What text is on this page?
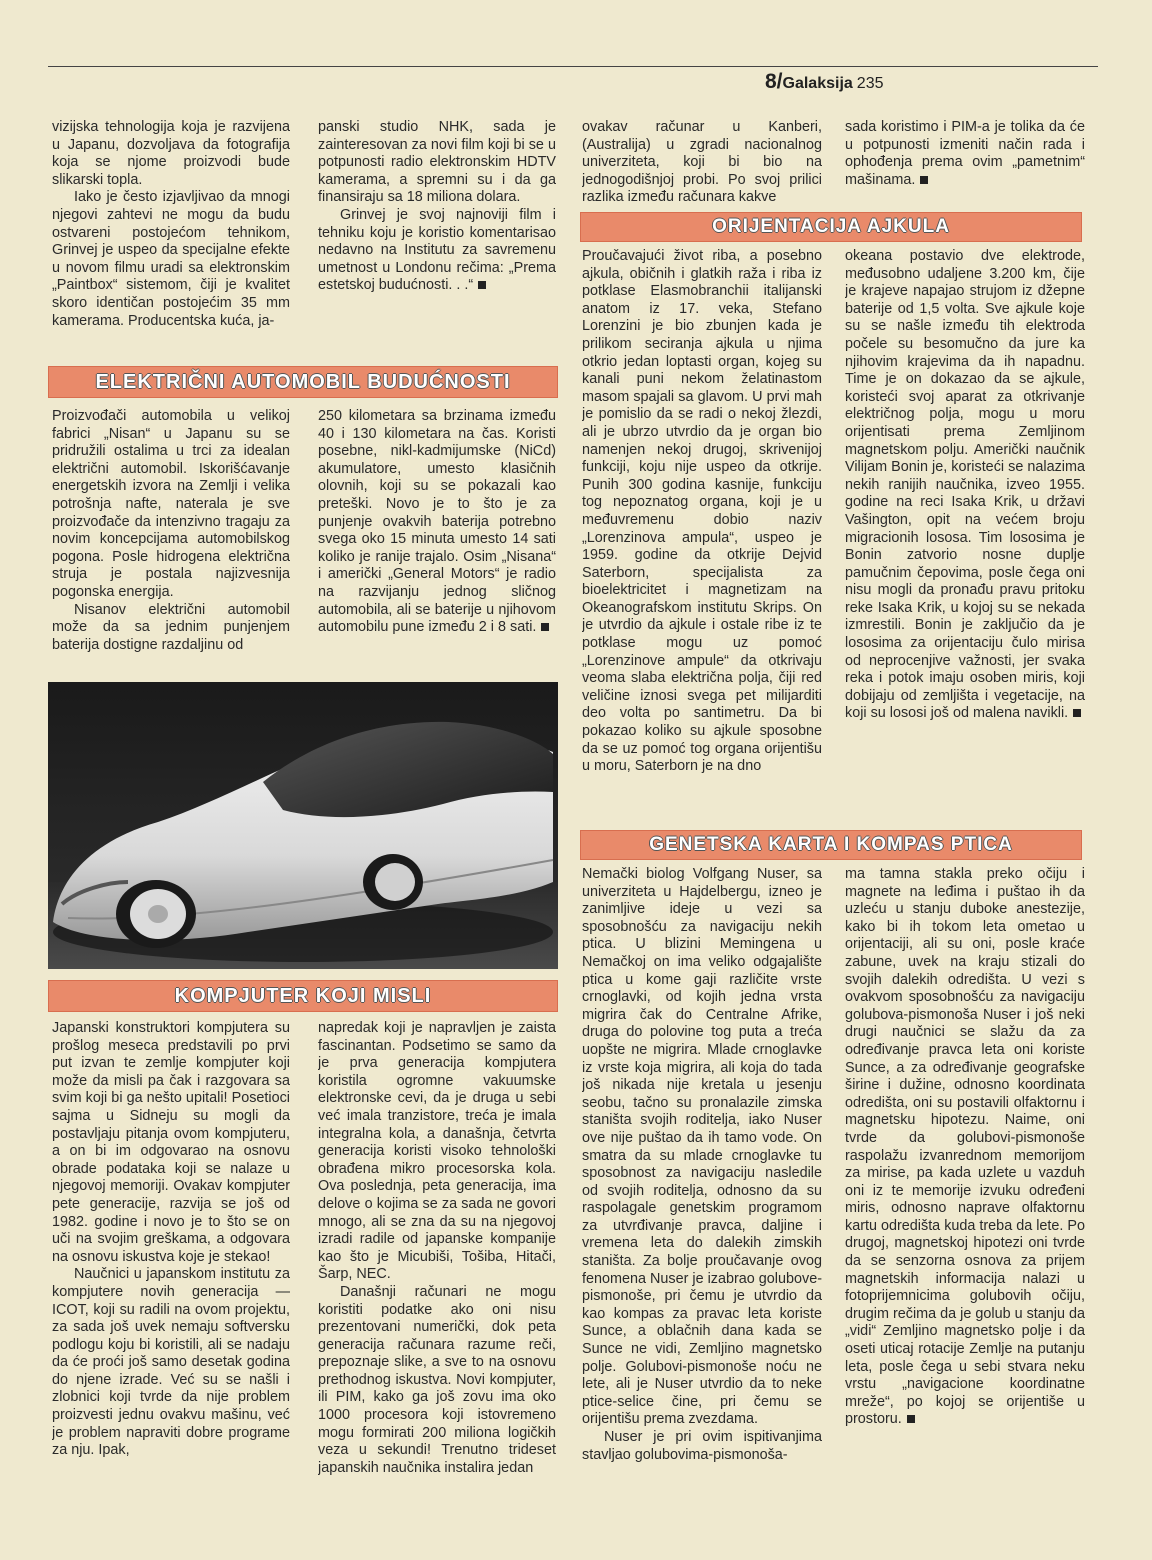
8/Galaksija 235

vizijska tehnologija koja je razvijena u Japanu, dozvoljava da fotografija koja se njome proizvodi bude slikarski topla.

Iako je često izjavljivao da mnogi njegovi zahtevi ne mogu da budu ostvareni postojećom tehnikom, Grinvej je uspeo da specijalne efekte u novom filmu uradi sa elektronskim „Paintbox“ sistemom, čiji je kvalitet skoro identičan postojećim 35 mm kamerama. Producentska kuća, ja-

panski studio NHK, sada je zainteresovan za novi film koji bi se u potpunosti radio elektronskim HDTV kamerama, a spremni su i da ga finansiraju sa 18 miliona dolara.

Grinvej je svoj najnoviji film i tehniku koju je koristio komentarisao nedavno na Institutu za savremenu umetnost u Londonu rečima: „Prema estetskoj budućnosti. . .“

ELEKTRIČNI AUTOMOBIL BUDUĆNOSTI

Proizvođači automobila u velikoj fabrici „Nisan“ u Japanu su se pridružili ostalima u trci za idealan električni automobil. Iskorišćavanje energetskih izvora na Zemlji i velika potrošnja nafte, naterala je sve proizvođače da intenzivno tragaju za novim koncepcijama automobilskog pogona. Posle hidrogena električna struja je postala najizvesnija pogonska energija.

Nisanov električni automobil može da sa jednim punjenjem baterija dostigne razdaljinu od

250 kilometara sa brzinama između 40 i 130 kilometara na čas. Koristi posebne, nikl-kadmijumske (NiCd) akumulatore, umesto klasičnih olovnih, koji su se pokazali kao preteški. Novo je to što je za punjenje ovakvih baterija potrebno svega oko 15 minuta umesto 14 sati koliko je ranije trajalo. Osim „Nisana“ i američki „General Motors“ je radio na razvijanju jednog sličnog automobila, ali se baterije u njihovom automobilu pune između 2 i 8 sati.

KOMPJUTER KOJI MISLI

Japanski konstruktori kompjutera su prošlog meseca predstavili po prvi put izvan te zemlje kompjuter koji može da misli pa čak i razgovara sa svim koji bi ga nešto upitali! Posetioci sajma u Sidneju su mogli da postavljaju pitanja ovom kompjuteru, a on bi im odgovarao na osnovu obrade podataka koji se nalaze u njegovoj memoriji. Ovakav kompjuter pete generacije, razvija se još od 1982. godine i novo je to što se on uči na svojim greškama, a odgovara na osnovu iskustva koje je stekao!

Naučnici u japanskom institutu za kompjutere novih generacija — ICOT, koji su radili na ovom projektu, za sada još uvek nemaju softversku podlogu koju bi koristili, ali se nadaju da će proći još samo desetak godina do njene izrade. Već su se našli i zlobnici koji tvrde da nije problem proizvesti jednu ovakvu mašinu, već je problem napraviti dobre programe za nju. Ipak,

napredak koji je napravljen je zaista fascinantan. Podsetimo se samo da je prva generacija kompjutera koristila ogromne vakuumske elektronske cevi, da je druga u sebi već imala tranzistore, treća je imala integralna kola, a današnja, četvrta generacija koristi visoko tehnološki obrađena mikro procesorska kola. Ova poslednja, peta generacija, ima delove o kojima se za sada ne govori mnogo, ali se zna da su na njegovoj izradi radile od japanske kompanije kao što je Micubiši, Tošiba, Hitači, Šarp, NEC.

Današnji računari ne mogu koristiti podatke ako oni nisu prezentovani numerički, dok peta generacija računara razume reči, prepoznaje slike, a sve to na osnovu prethodnog iskustva. Novi kompjuter, ili PIM, kako ga još zovu ima oko 1000 procesora koji istovremeno mogu formirati 200 miliona logičkih veza u sekundi! Trenutno trideset japanskih naučnika instalira jedan

ovakav računar u Kanberi, (Australija) u zgradi nacionalnog univerziteta, koji bi bio na jednogodišnjoj probi. Po svoj prilici razlika između računara kakve

sada koristimo i PIM-a je tolika da će u potpunosti izmeniti način rada i ophođenja prema ovim „pametnim“ mašinama.

ORIJENTACIJA AJKULA

Proučavajući život riba, a posebno ajkula, običnih i glatkih raža i riba iz potklase Elasmobranchii italijanski anatom iz 17. veka, Stefano Lorenzini je bio zbunjen kada je prilikom seciranja ajkula u njima otkrio jedan loptasti organ, kojeg su kanali puni nekom želatinastom masom spajali sa glavom. U prvi mah je pomislio da se radi o nekoj žlezdi, ali je ubrzo utvrdio da je organ bio namenjen nekoj drugoj, skrivenijoj funkciji, koju nije uspeo da otkrije. Punih 300 godina kasnije, funkciju tog nepoznatog organa, koji je u međuvremenu dobio naziv „Lorenzinova ampula“, uspeo je 1959. godine da otkrije Dejvid Saterborn, specijalista za bioelektricitet i magnetizam na Okeanografskom institutu Skrips. On je utvrdio da ajkule i ostale ribe iz te potklase mogu uz pomoć „Lorenzinove ampule“ da otkrivaju veoma slaba električna polja, čiji red veličine iznosi svega pet milijarditi deo volta po santimetru. Da bi pokazao koliko su ajkule sposobne da se uz pomoć tog organa orijentišu u moru, Saterborn je na dno

okeana postavio dve elektrode, međusobno udaljene 3.200 km, čije je krajeve napajao strujom iz džepne baterije od 1,5 volta. Sve ajkule koje su se našle između tih elektroda počele su besomučno da jure ka njihovim krajevima da ih napadnu. Time je on dokazao da se ajkule, koristeći svoj aparat za otkrivanje električnog polja, mogu u moru orijentisati prema Zemljinom magnetskom polju. Američki naučnik Vilijam Bonin je, koristeći se nalazima nekih ranijih naučnika, izveo 1955. godine na reci Isaka Krik, u državi Vašington, opit na većem broju migracionih lososa. Tim lososima je Bonin zatvorio nosne duplje pamučnim čepovima, posle čega oni nisu mogli da pronađu pravu pritoku reke Isaka Krik, u kojoj su se nekada izmrestili. Bonin je zaključio da je lososima za orijentaciju čulo mirisa od neprocenjive važnosti, jer svaka reka i potok imaju osoben miris, koji dobijaju od zemljišta i vegetacije, na koji su lososi još od malena navikli.

GENETSKA KARTA I KOMPAS PTICA

Nemački biolog Volfgang Nuser, sa univerziteta u Hajdelbergu, izneo je zanimljive ideje u vezi sa sposobnošću za navigaciju nekih ptica. U blizini Memingena u Nemačkoj on ima veliko odgajalište ptica u kome gaji različite vrste crnoglavki, od kojih jedna vrsta migrira čak do Centralne Afrike, druga do polovine tog puta a treća uopšte ne migrira. Mlade crnoglavke iz vrste koja migrira, ali koja do tada još nikada nije kretala u jesenju seobu, tačno su pronalazile zimska staništa svojih roditelja, iako Nuser ove nije puštao da ih tamo vode. On smatra da su mlade crnoglavke tu sposobnost za navigaciju nasledile od svojih roditelja, odnosno da su raspolagale genetskim programom za utvrđivanje pravca, daljine i vremena leta do dalekih zimskih staništa. Za bolje proučavanje ovog fenomena Nuser je izabrao golubove-pismonoše, pri čemu je utvrdio da kao kompas za pravac leta koriste Sunce, a oblačnih dana kada se Sunce ne vidi, Zemljino magnetsko polje. Golubovi-pismonoše noću ne lete, ali je Nuser utvrdio da to neke ptice-selice čine, pri čemu se orijentišu prema zvezdama.

Nuser je pri ovim ispitivanjima stavljao golubovima-pismonoša-

ma tamna stakla preko očiju i magnete na leđima i puštao ih da uzleću u stanju duboke anestezije, kako bi ih tokom leta ometao u orijentaciji, ali su oni, posle kraće zabune, uvek na kraju stizali do svojih dalekih odredišta. U vezi s ovakvom sposobnošću za navigaciju golubova-pismonoša Nuser i još neki drugi naučnici se slažu da za određivanje pravca leta oni koriste Sunce, a za određivanje geografske širine i dužine, odnosno koordinata odredišta, oni su postavili olfaktornu i magnetsku hipotezu. Naime, oni tvrde da golubovi-pismonoše raspolažu izvanrednom memorijom za mirise, pa kada uzlete u vazduh oni iz te memorije izvuku određeni miris, odnosno naprave olfaktornu kartu odredišta kuda treba da lete. Po drugoj, magnetskoj hipotezi oni tvrde da se senzorna osnova za prijem magnetskih informacija nalazi u fotoprijemnicima golubovih očiju, drugim rečima da je golub u stanju da „vidi“ Zemljino magnetsko polje i da oseti uticaj rotacije Zemlje na putanju leta, posle čega u sebi stvara neku vrstu „navigacione koordinatne mreže“, po kojoj se orijentiše u prostoru.
